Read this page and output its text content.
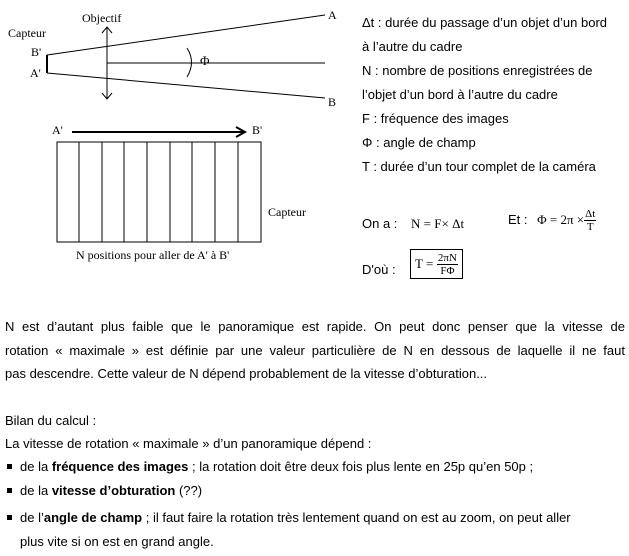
Capteur
Objectif
B'
A'
A
B
Φ
A'	B'
Capteur
N positions pour aller de A' à B'
Δt : durée du passage d’un objet d’un bord
à l’autre du cadre
N : nombre de positions enregistrées de
l’objet d’un bord à l’autre du cadre
F : fréquence des images
Φ : angle de champ
T : durée d’un tour complet de la caméra
On a : N = F× Δt	Et : $\Phi = 2\pi \times \frac{\Delta t}{T}$
D'où :	$T = \frac{2\pi N}{F\Phi}$
N est d’autant plus faible que le panoramique est rapide. On peut donc penser que la vitesse de
rotation « maximale » est définie par une valeur particulière de N en dessous de laquelle il ne faut
pas descendre. Cette valeur de N dépend probablement de la vitesse d’obturation...
Bilan du calcul :
La vitesse de rotation « maximale » d’un panoramique dépend :
de la fréquence des images ; la rotation doit être deux fois plus lente en 25p qu’en 50p ;
de la vitesse d’obturation (??)
de l’angle de champ ; il faut faire la rotation très lentement quand on est au zoom, on peut aller
plus vite si on est en grand angle.
